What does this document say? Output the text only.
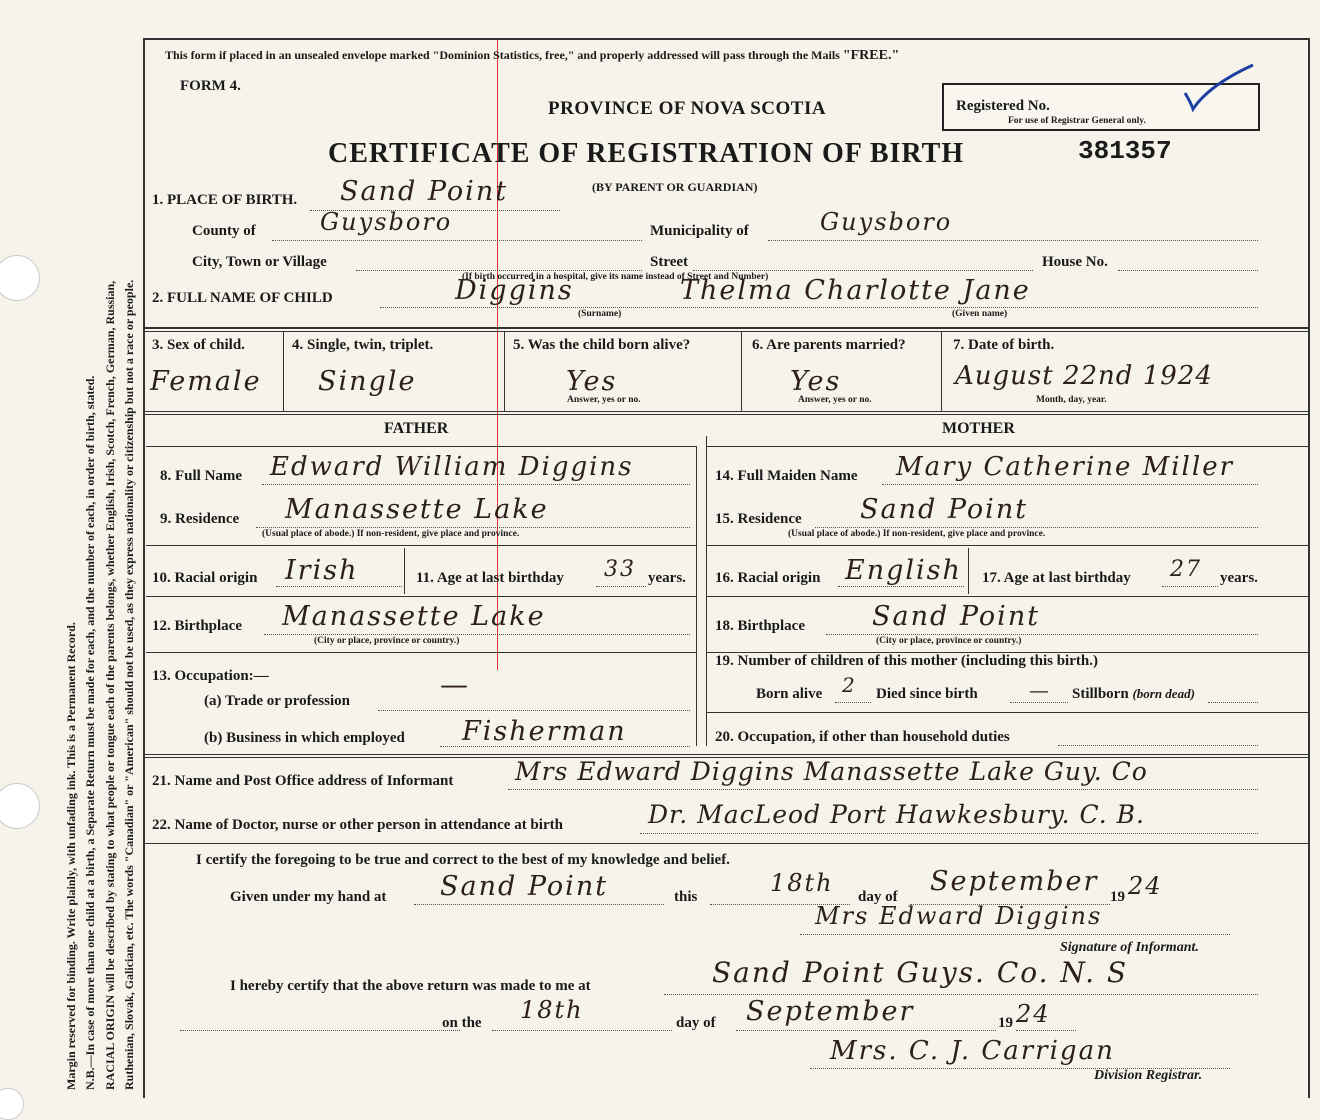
Margin reserved for binding. Write plainly, with unfading ink. This is a Permanent Record. N.B.—In case of more than one child at a birth, a Separate Return must be made for each, and the number of each, in order of birth, stated. RACIAL ORIGIN will be described by stating to what people or tongue each of the parents belongs, whether English, Irish, Scotch, French, German, Russian, Ruthenian, Slovak, Galician, etc. The words "Canadian" or "American" should not be used, as they express nationality or citizenship but not a race or people.
This form if placed in an unsealed envelope marked "Dominion Statistics, free," and properly addressed will pass through the Mails "FREE."
FORM 4.
PROVINCE OF NOVA SCOTIA	Registered No.
For use of Registrar General only.
CERTIFICATE OF REGISTRATION OF BIRTH	381357
(BY PARENT OR GUARDIAN)
1. PLACE OF BIRTH. Sand Point
County of	Guysboro	Municipality of	Guysboro
City, Town or Village	Street	House No.
(If birth occurred in a hospital, give its name instead of Street and Number)
2. FULL NAME OF CHILD	Diggins	Thelma Charlotte Jane
(Surname)	(Given name)
3. Sex of child.
Female
4. Single, twin, triplet.
Single
5. Was the child born alive?
Yes
Answer, yes or no.
6. Are parents married?
Yes
Answer, yes or no.
7. Date of birth.
August 22nd 1924
Month, day, year.
FATHER	MOTHER
8. Full Name Edward William Diggins
9. Residence Manassette Lake
(Usual place of abode.) If non-resident, give place and province.
10. Racial origin Irish	11. Age at last birthday 33 years.
12. Birthplace Manassette Lake
(City or place, province or country.)
13. Occupation:—
(a) Trade or profession	—
(b) Business in which employed Fisherman
14. Full Maiden Name Mary Catherine Miller
15. Residence Sand Point
(Usual place of abode.) If non-resident, give place and province.
16. Racial origin English 17. Age at last birthday 27 years.
18. Birthplace Sand Point
(City or place, province or country.)
19. Number of children of this mother (including this birth.)
Born alive 2 Died since birth	— Stillborn (born dead)
20. Occupation, if other than household duties
21. Name and Post Office address of Informant Mrs Edward Diggins Manassette Lake Guy. Co
22. Name of Doctor, nurse or other person in attendance at birth	Dr. MacLeod Port Hawkesbury. C. B.
I certify the foregoing to be true and correct to the best of my knowledge and belief.
Given under my hand at Sand Point	this	18th day of September 19 24
Mrs Edward Diggins
Signature of Informant.
I hereby certify that the above return was made to me at	Sand Point Guys. Co. N. S
on the 18th	day of September	19 24
Mrs. C. J. Carrigan
Division Registrar.
